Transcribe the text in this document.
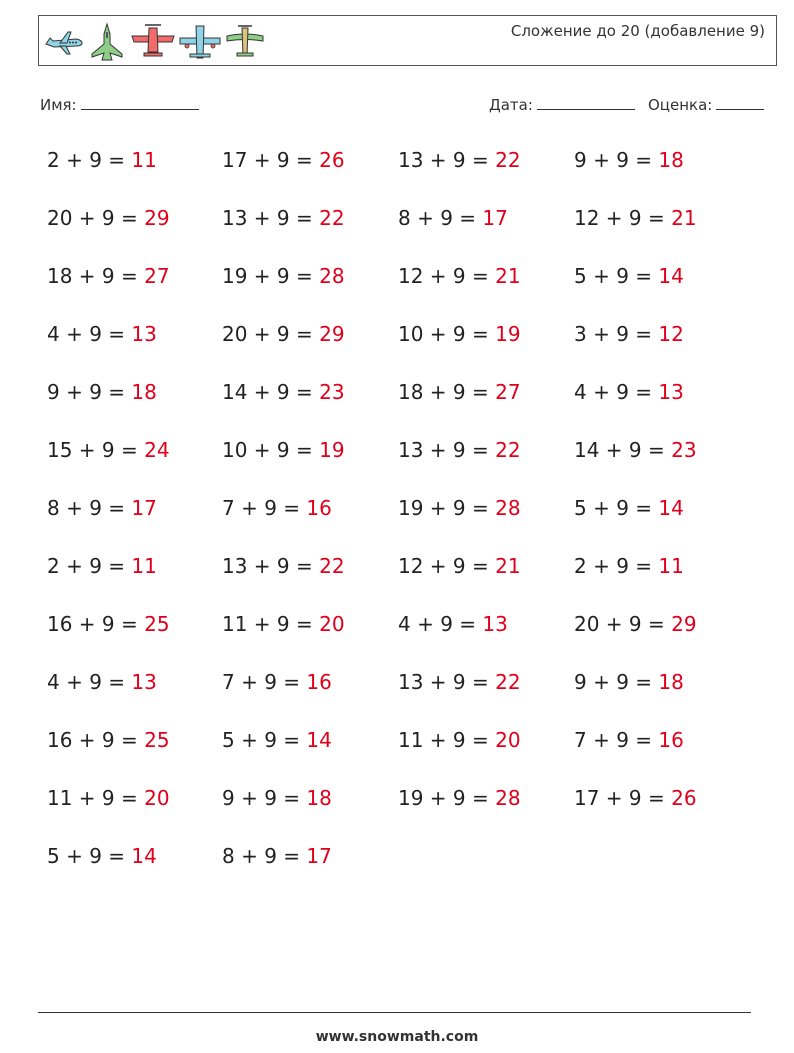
Сложение до 20 (добавление 9)
Имя:	Дата:	Оценка:
2 + 9 = 11	17 + 9 = 26	13 + 9 = 22	9 + 9 = 18
20 + 9 = 29	13 + 9 = 22	8 + 9 = 17	12 + 9 = 21
18 + 9 = 27	19 + 9 = 28	12 + 9 = 21	5 + 9 = 14
4 + 9 = 13	20 + 9 = 29	10 + 9 = 19	3 + 9 = 12
9 + 9 = 18	14 + 9 = 23	18 + 9 = 27	4 + 9 = 13
15 + 9 = 24	10 + 9 = 19	13 + 9 = 22	14 + 9 = 23
8 + 9 = 17	7 + 9 = 16	19 + 9 = 28	5 + 9 = 14
2 + 9 = 11	13 + 9 = 22	12 + 9 = 21	2 + 9 = 11
16 + 9 = 25	11 + 9 = 20	4 + 9 = 13	20 + 9 = 29
4 + 9 = 13	7 + 9 = 16	13 + 9 = 22	9 + 9 = 18
16 + 9 = 25	5 + 9 = 14	11 + 9 = 20	7 + 9 = 16
11 + 9 = 20	9 + 9 = 18	19 + 9 = 28	17 + 9 = 26
5 + 9 = 14	8 + 9 = 17
www.snowmath.com
